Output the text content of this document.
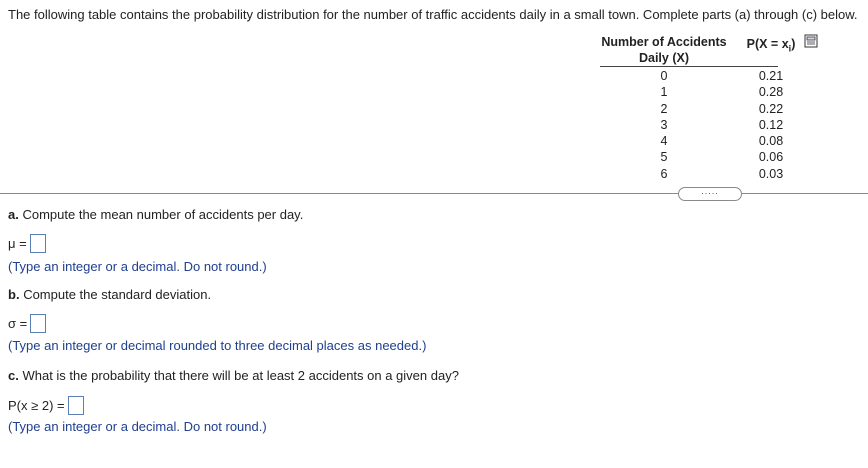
The following table contains the probability distribution for the number of traffic accidents daily in a small town. Complete parts (a) through (c) below.
Number of Accidents
Daily (X)
$P(X = x_i)$
0	0.21
1	0.28
2	0.22
3	0.12
4	0.08
5	0.06
6	0.03
.....
a. Compute the mean number of accidents per day.
μ =
(Type an integer or a decimal. Do not round.)
b. Compute the standard deviation.
σ =
(Type an integer or decimal rounded to three decimal places as needed.)
c. What is the probability that there will be at least 2 accidents on a given day?
P(x ≥ 2) =
(Type an integer or a decimal. Do not round.)
